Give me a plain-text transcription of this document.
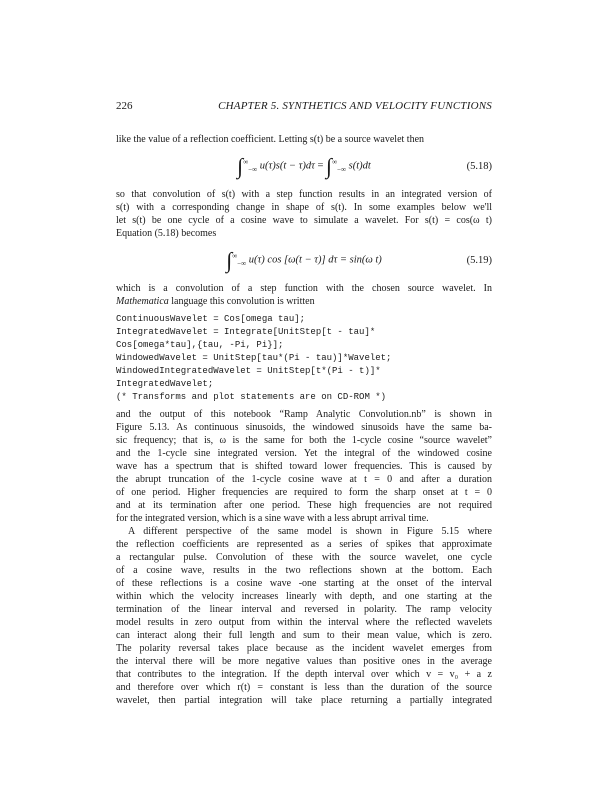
226	CHAPTER 5. SYNTHETICS AND VELOCITY FUNCTIONS
like the value of a reflection coefficient. Letting s(t) be a source wavelet then
$\int^\infty_{-\infty}$ $u(\tau)s(t - \tau)d\tau = \int^\infty_{-\infty}$ s(t)dt	(5.18)
so that convolution of s(t) with a step function results in an integrated version of
s(t) with a corresponding change in shape of s(t). In some examples below we'll
let s(t) be one cycle of a cosine wave to simulate a wavelet. For s(t) = cos(ω t)
Equation (5.18) becomes
$\int^\infty_{-\infty}$ u(τ) cos [ω(t − τ)] dτ = sin(ω t)	(5.19)
which is a convolution of a step function with the chosen source wavelet. In
Mathematica language this convolution is written
ContinuousWavelet = Cos[omega tau];
IntegratedWavelet = Integrate[UnitStep[t - tau]*
Cos[omega*tau],{tau, -Pi, Pi}];
WindowedWavelet = UnitStep[tau*(Pi - tau)]*Wavelet;
WindowedIntegratedWavelet = UnitStep[t*(Pi - t)]*
IntegratedWavelet;
(* Transforms and plot statements are on CD-ROM *)
and the output of this notebook “Ramp Analytic Convolution.nb” is shown in
Figure 5.13. As continuous sinusoids, the windowed sinusoids have the same ba-
sic frequency; that is, ω is the same for both the 1-cycle cosine “source wavelet”
and the 1-cycle sine integrated version. Yet the integral of the windowed cosine
wave has a spectrum that is shifted toward lower frequencies. This is caused by
the abrupt truncation of the 1-cycle cosine wave at t = 0 and after a duration
of one period. Higher frequencies are required to form the sharp onset at t = 0
and at its termination after one period. These high frequencies are not required
for the integrated version, which is a sine wave with a less abrupt arrival time.
A different perspective of the same model is shown in Figure 5.15 where
the reflection coefficients are represented as a series of spikes that approximate
a rectangular pulse. Convolution of these with the source wavelet, one cycle
of a cosine wave, results in the two reflections shown at the bottom. Each
of these reflections is a cosine wave -one starting at the onset of the interval
within which the velocity increases linearly with depth, and one starting at the
termination of the linear interval and reversed in polarity. The ramp velocity
model results in zero output from within the interval where the reflected wavelets
can interact along their full length and sum to their mean value, which is zero.
The polarity reversal takes place because as the incident wavelet emerges from
the interval there will be more negative values than positive ones in the average
that contributes to the integration. If the depth interval over which v = v₀ + a z
and therefore over which r(t) = constant is less than the duration of the source
wavelet, then partial integration will take place returning a partially integrated
